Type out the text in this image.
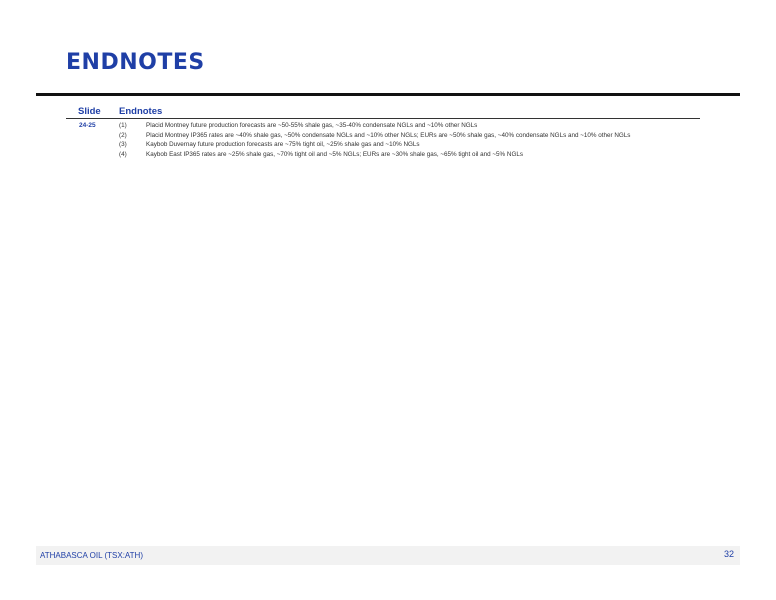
ENDNOTES
Slide Endnotes
24-25	(1)	Placid Montney future production forecasts are ~50-55% shale gas, ~35-40% condensate NGLs and ~10% other NGLs
(2)	Placid Montney IP365 rates are ~40% shale gas, ~50% condensate NGLs and ~10% other NGLs; EURs are ~50% shale gas, ~40% condensate NGLs and ~10% other NGLs
(3)	Kaybob Duvernay future production forecasts are ~75% tight oil, ~25% shale gas and ~10% NGLs
(4)	Kaybob East IP365 rates are ~25% shale gas, ~70% tight oil and ~5% NGLs; EURs are ~30% shale gas, ~65% tight oil and ~5% NGLs
ATHABASCA OIL (TSX:ATH)	32
